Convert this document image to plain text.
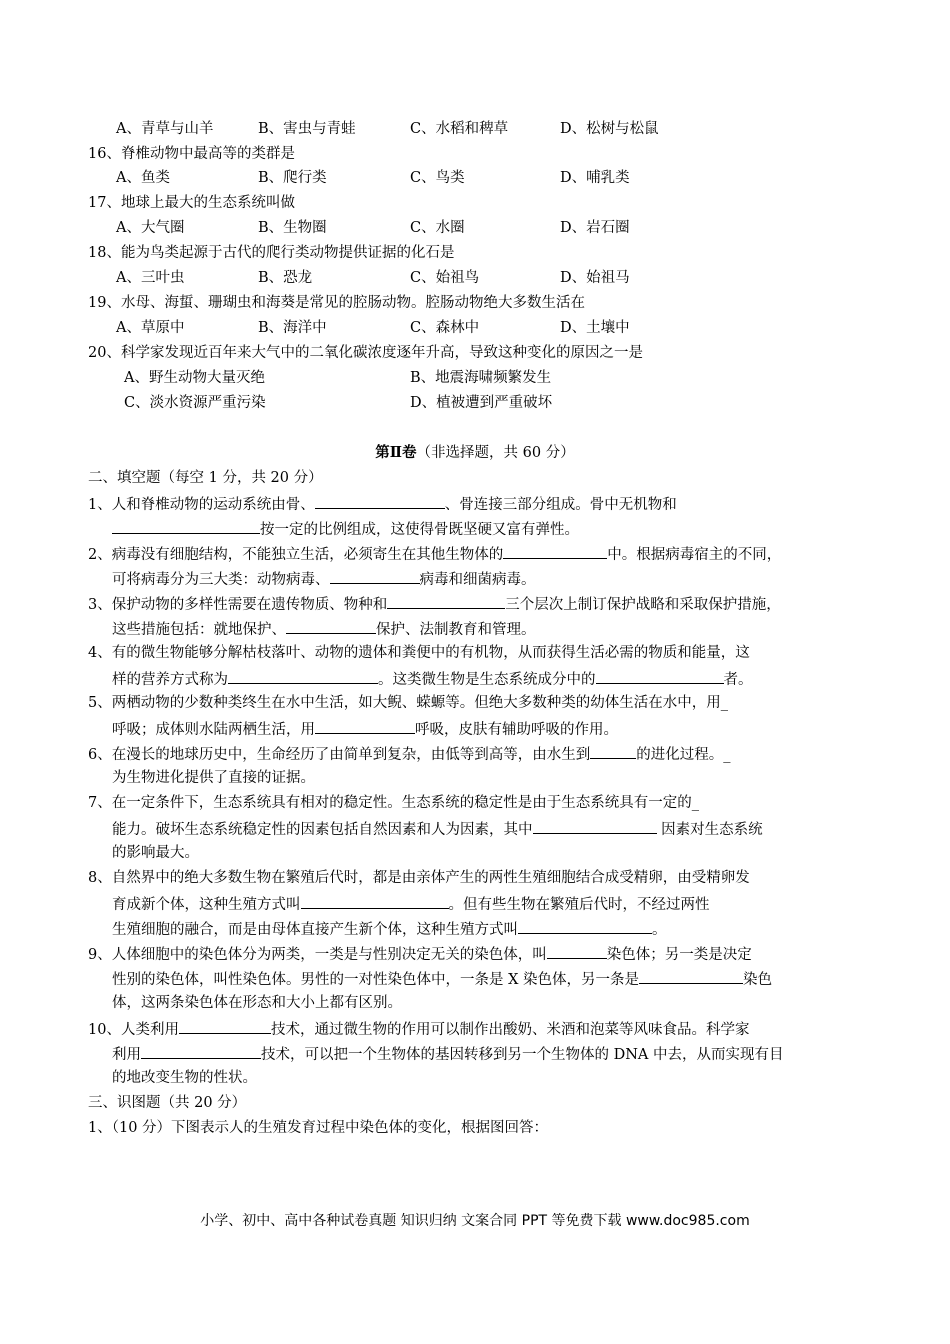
A、青草与山羊	B、害虫与青蛙	C、水稻和稗草	D、松树与松鼠
16、脊椎动物中最高等的类群是
A、鱼类	B、爬行类	C、鸟类	D、哺乳类
17、地球上最大的生态系统叫做
A、大气圈	B、生物圈	C、水圈	D、岩石圈
18、能为鸟类起源于古代的爬行类动物提供证据的化石是
A、三叶虫	B、恐龙	C、始祖鸟	D、始祖马
19、水母、海蜇、珊瑚虫和海葵是常见的腔肠动物。腔肠动物绝大多数生活在
A、草原中	B、海洋中	C、森林中	D、土壤中
20、科学家发现近百年来大气中的二氧化碳浓度逐年升高，导致这种变化的原因之一是
A、野生动物大量灭绝	B、地震海啸频繁发生
C、淡水资源严重污染	D、植被遭到严重破坏
第Ⅱ卷（非选择题，共 60 分）
二、填空题（每空 1 分，共 20 分）
1、人和脊椎动物的运动系统由骨、	、骨连接三部分组成。骨中无机物和
按一定的比例组成，这使得骨既坚硬又富有弹性。
2、病毒没有细胞结构，不能独立生活，必须寄生在其他生物体的	中。根据病毒宿主的不同，
可将病毒分为三大类：动物病毒、	病毒和细菌病毒。
3、保护动物的多样性需要在遗传物质、物种和	三个层次上制订保护战略和采取保护措施，
这些措施包括：就地保护、	保护、法制教育和管理。
4、有的微生物能够分解枯枝落叶、动物的遗体和粪便中的有机物，从而获得生活必需的物质和能量，这
样的营养方式称为	。这类微生物是生态系统成分中的	者。
5、两栖动物的少数种类终生在水中生活，如大鲵、蝾螈等。但绝大多数种类的幼体生活在水中，用_
呼吸；成体则水陆两栖生活，用	呼吸，皮肤有辅助呼吸的作用。
6、在漫长的地球历史中，生命经历了由简单到复杂，由低等到高等，由水生到	的进化过程。_
为生物进化提供了直接的证据。
7、在一定条件下，生态系统具有相对的稳定性。生态系统的稳定性是由于生态系统具有一定的_
能力。破坏生态系统稳定性的因素包括自然因素和人为因素，其中	因素对生态系统
的影响最大。
8、自然界中的绝大多数生物在繁殖后代时，都是由亲体产生的两性生殖细胞结合成受精卵，由受精卵发
育成新个体，这种生殖方式叫	。但有些生物在繁殖后代时，不经过两性
生殖细胞的融合，而是由母体直接产生新个体，这种生殖方式叫	。
9、人体细胞中的染色体分为两类，一类是与性别决定无关的染色体，叫	染色体；另一类是决定
性别的染色体，叫性染色体。男性的一对性染色体中，一条是 X 染色体，另一条是	染色
体，这两条染色体在形态和大小上都有区别。
10、人类利用	技术，通过微生物的作用可以制作出酸奶、米酒和泡菜等风味食品。科学家
利用	技术，可以把一个生物体的基因转移到另一个生物体的 DNA 中去，从而实现有目
的地改变生物的性状。
三、识图题（共 20 分）
1、（10 分）下图表示人的生殖发育过程中染色体的变化，根据图回答：
小学、初中、高中各种试卷真题 知识归纳 文案合同 PPT 等免费下载 www.doc985.com
